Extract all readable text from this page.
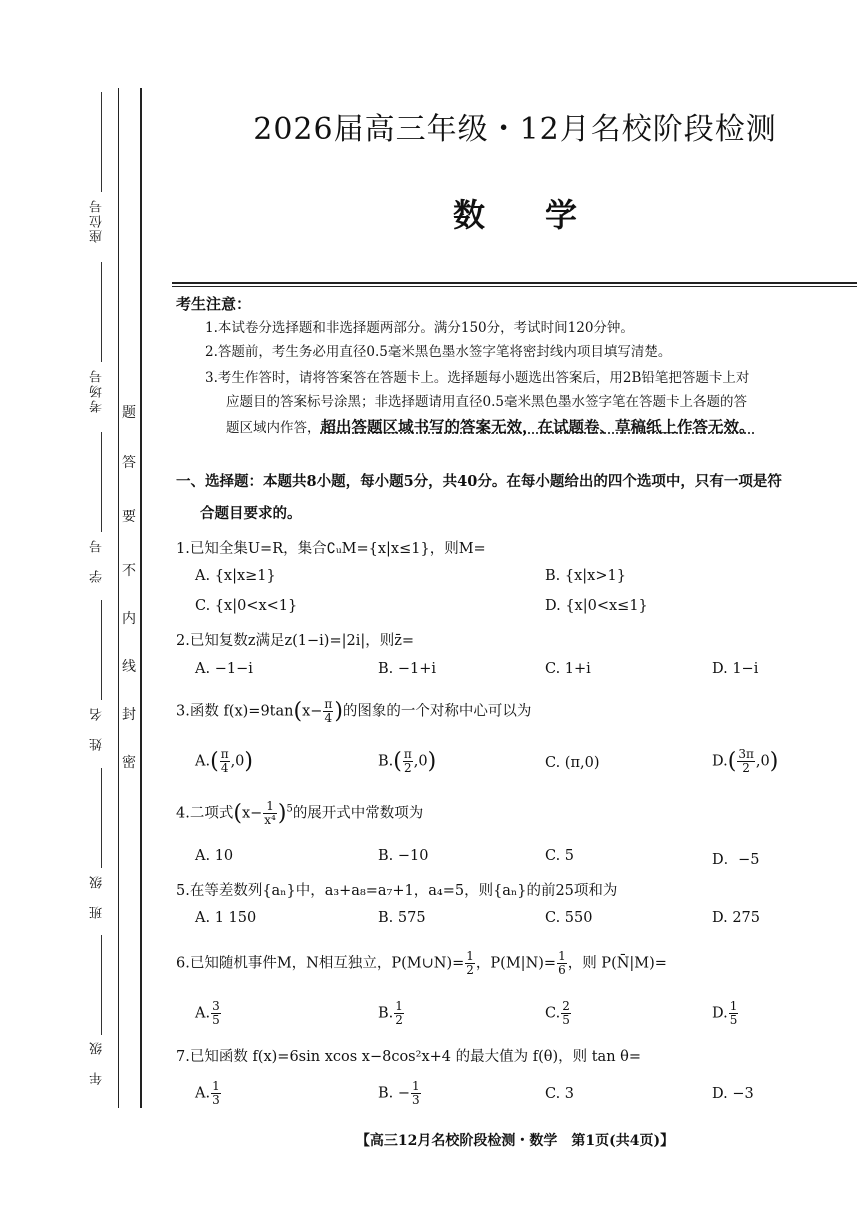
座位号
考场号
学　号
姓　名
班　级
年　级
密
封
线
内
不
要
答
题
2026届高三年级・12月名校阶段检测
数学
考生注意：
1.本试卷分选择题和非选择题两部分。满分150分，考试时间120分钟。
2.答题前，考生务必用直径0.5毫米黑色墨水签字笔将密封线内项目填写清楚。
3.考生作答时，请将答案答在答题卡上。选择题每小题选出答案后，用2B铅笔把答题卡上对
应题目的答案标号涂黑；非选择题请用直径0.5毫米黑色墨水签字笔在答题卡上各题的答
题区域内作答，超出答题区域书写的答案无效，在试题卷、草稿纸上作答无效。
一、选择题：本题共8小题，每小题5分，共40分。在每小题给出的四个选项中，只有一项是符
合题目要求的。
1.已知全集U=R，集合∁ᵤM={x|x≤1}，则M=
A. {x|x≥1}	B. {x|x>1}
C. {x|0<x<1}	D. {x|0<x≤1}
2.已知复数z满足z(1−i)=|2i|，则z̄=
A. −1−i	B. −1+i	C. 1+i	D. 1−i
3.函数 $f(x)=9\tan(x- \frac{\pi}{4}$ )的图象的一个对称中心可以为
$A.( \frac{\pi}{4} ,0)$	$B.( \frac{\pi}{2} ,0)$	C. (π,0)	$D.( \frac{3\pi}{2} ,0)$
4.二项式$(x- \frac{1}{\text{x⁴}} )^5$的展开式中常数项为
A. 10	B. −10	C. 5	D．−5
5.在等差数列{aₙ}中，a₃+a₈=a₇+1，a₄=5，则{aₙ}的前25项和为
A. 1 150	B. 575	C. 550	D. 275
6.已知随机事件M，N相互独立，P(M∪N)= $\frac{1}{2}$ ，$P(M|N)= \frac{1}{6}$ ，则 P(N̄|M)=
A. $\frac{3}{5}$	B. $\frac{1}{2}$	C. $\frac{2}{5}$	D. $\frac{1}{5}$
7.已知函数 f(x)=6sin xcos x−8cos²x+4 的最大值为 f(θ)，则 tan θ=
A. $\frac{1}{3}$	B. − $\frac{1}{3}$	C. 3	D. −3
【高三12月名校阶段检测・数学　第1页(共4页)】
